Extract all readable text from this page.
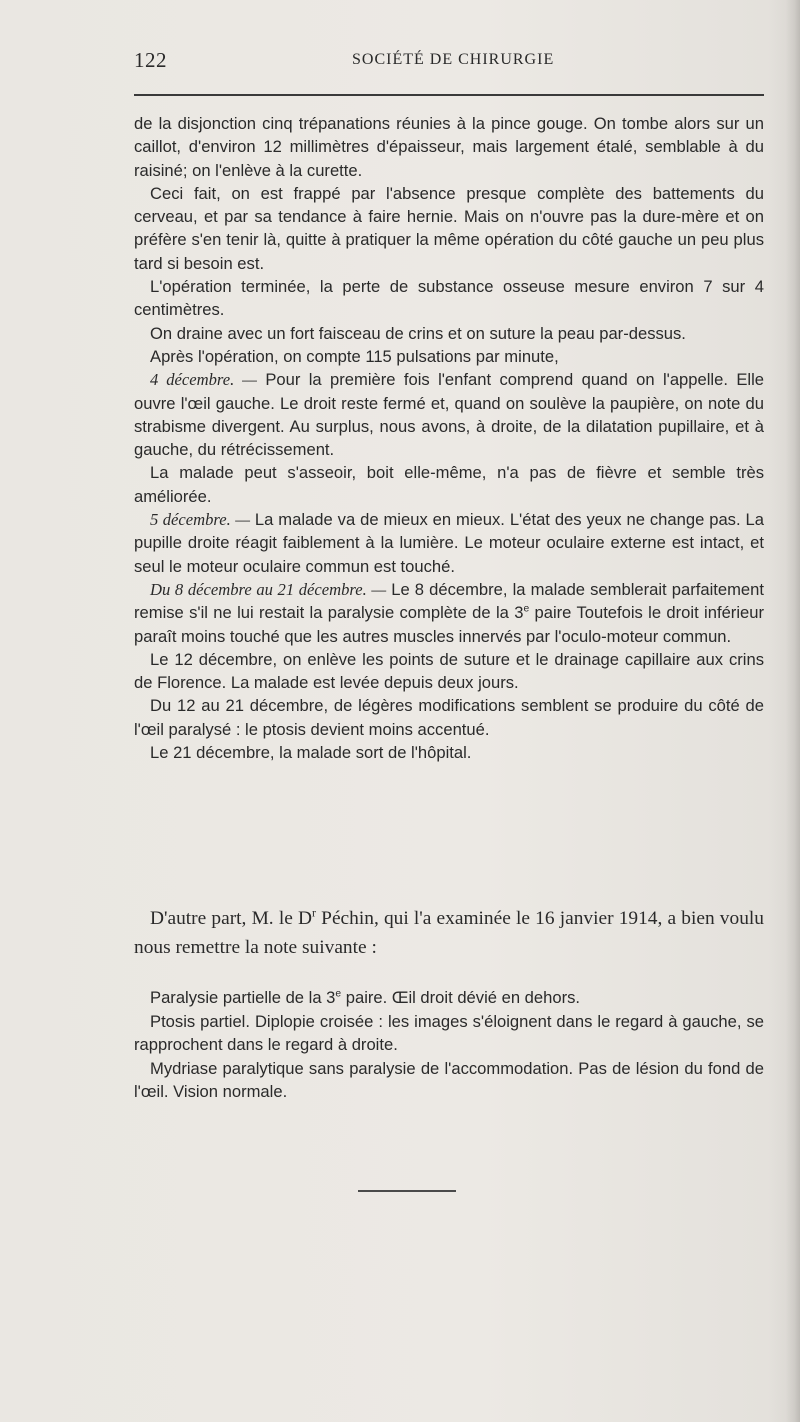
122	SOCIÉTÉ DE CHIRURGIE

de la disjonction cinq trépanations réunies à la pince gouge. On tombe alors sur un caillot, d'environ 12 millimètres d'épaisseur, mais largement étalé, semblable à du raisiné; on l'enlève à la curette.

Ceci fait, on est frappé par l'absence presque complète des battements du cerveau, et par sa tendance à faire hernie. Mais on n'ouvre pas la dure-mère et on préfère s'en tenir là, quitte à pratiquer la même opération du côté gauche un peu plus tard si besoin est.

L'opération terminée, la perte de substance osseuse mesure environ 7 sur 4 centimètres.

On draine avec un fort faisceau de crins et on suture la peau par-dessus.

Après l'opération, on compte 115 pulsations par minute,

4 décembre. — Pour la première fois l'enfant comprend quand on l'appelle. Elle ouvre l'œil gauche. Le droit reste fermé et, quand on soulève la paupière, on note du strabisme divergent. Au surplus, nous avons, à droite, de la dilatation pupillaire, et à gauche, du rétrécissement.

La malade peut s'asseoir, boit elle-même, n'a pas de fièvre et semble très améliorée.

5 décembre. — La malade va de mieux en mieux. L'état des yeux ne change pas. La pupille droite réagit faiblement à la lumière. Le moteur oculaire externe est intact, et seul le moteur oculaire commun est touché.

Du 8 décembre au 21 décembre. — Le 8 décembre, la malade semblerait parfaitement remise s'il ne lui restait la paralysie complète de la 3e paire Toutefois le droit inférieur paraît moins touché que les autres muscles innervés par l'oculo-moteur commun.

Le 12 décembre, on enlève les points de suture et le drainage capillaire aux crins de Florence. La malade est levée depuis deux jours.

Du 12 au 21 décembre, de légères modifications semblent se produire du côté de l'œil paralysé : le ptosis devient moins accentué.

Le 21 décembre, la malade sort de l'hôpital.

D'autre part, M. le $D^r$ Péchin, qui l'a examinée le 16 janvier 1914, a bien voulu nous remettre la note suivante :

Paralysie partielle de la 3e paire. Œil droit dévié en dehors.

Ptosis partiel. Diplopie croisée : les images s'éloignent dans le regard à gauche, se rapprochent dans le regard à droite.

Mydriase paralytique sans paralysie de l'accommodation. Pas de lésion du fond de l'œil. Vision normale.
